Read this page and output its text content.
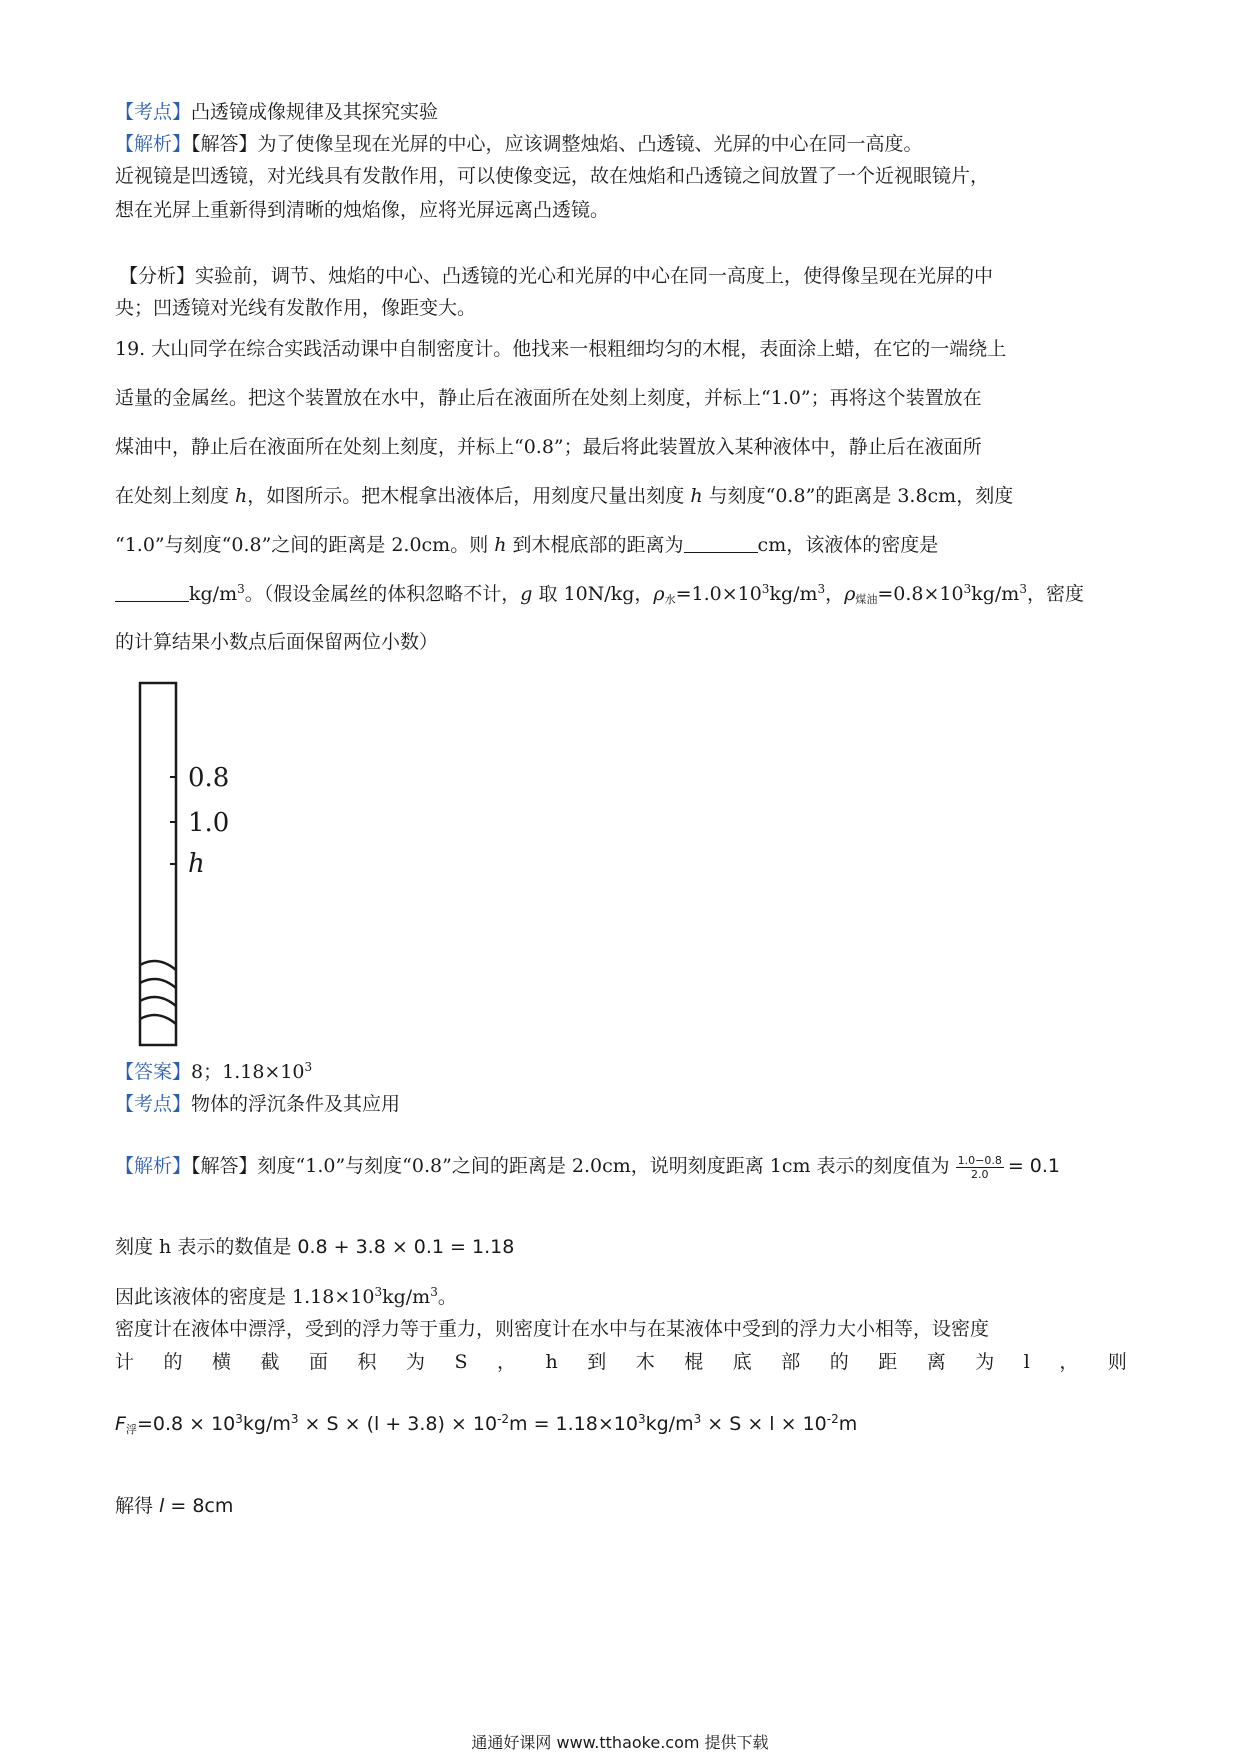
【考点】凸透镜成像规律及其探究实验
【解析】【解答】为了使像呈现在光屏的中心，应该调整烛焰、凸透镜、光屏的中心在同一高度。
近视镜是凹透镜，对光线具有发散作用，可以使像变远，故在烛焰和凸透镜之间放置了一个近视眼镜片，
想在光屏上重新得到清晰的烛焰像，应将光屏远离凸透镜。
【分析】实验前，调节、烛焰的中心、凸透镜的光心和光屏的中心在同一高度上，使得像呈现在光屏的中
央；凹透镜对光线有发散作用，像距变大。
19. 大山同学在综合实践活动课中自制密度计。他找来一根粗细均匀的木棍，表面涂上蜡，在它的一端绕上
适量的金属丝。把这个装置放在水中，静止后在液面所在处刻上刻度，并标上“1.0”；再将这个装置放在
煤油中，静止后在液面所在处刻上刻度，并标上“0.8”；最后将此装置放入某种液体中，静止后在液面所
在处刻上刻度 h，如图所示。把木棍拿出液体后，用刻度尺量出刻度 h 与刻度“0.8”的距离是 3.8cm，刻度
“1.0”与刻度“0.8”之间的距离是 2.0cm。则 h 到木棍底部的距离为	cm，该液体的密度是
$kg/m^3$。（假设金属丝的体积忽略不计，g 取 10N/kg，$\rho_水=1.0\times 10^3kg/m^3$，$\rho_{煤油}=0.8\times 10^3kg/m^3$，密度
的计算结果小数点后面保留两位小数）
0.8
1.0
h
【答案】8；$1.18\times 10^3$
【考点】物体的浮沉条件及其应用
【解析】【解答】刻度“1.0”与刻度“0.8”之间的距离是 2.0cm，说明刻度距离 1cm 表示的刻度值为 $\frac{1.0-0.8}{2.0} = 0.1$
刻度 h 表示的数值是 0.8 + 3.8 × 0.1 = 1.18
因此该液体的密度是 $1.18\times 10^3kg/m^3$。
密度计在液体中漂浮，受到的浮力等于重力，则密度计在水中与在某液体中受到的浮力大小相等，设密度
计 的 横 截 面 积 为 S ， h 到 木 棍 底 部 的 距 离 为 l ， 则
$F_浮=0.8 \times 10^3kg/m^3 \times S \times (l + 3.8) \times 10^{-2}m = 1.18\times 10^3kg/m^3 \times S \times l \times 10^{-2}m$
解得 l = 8cm
通通好课网 www.tthaoke.com 提供下载
